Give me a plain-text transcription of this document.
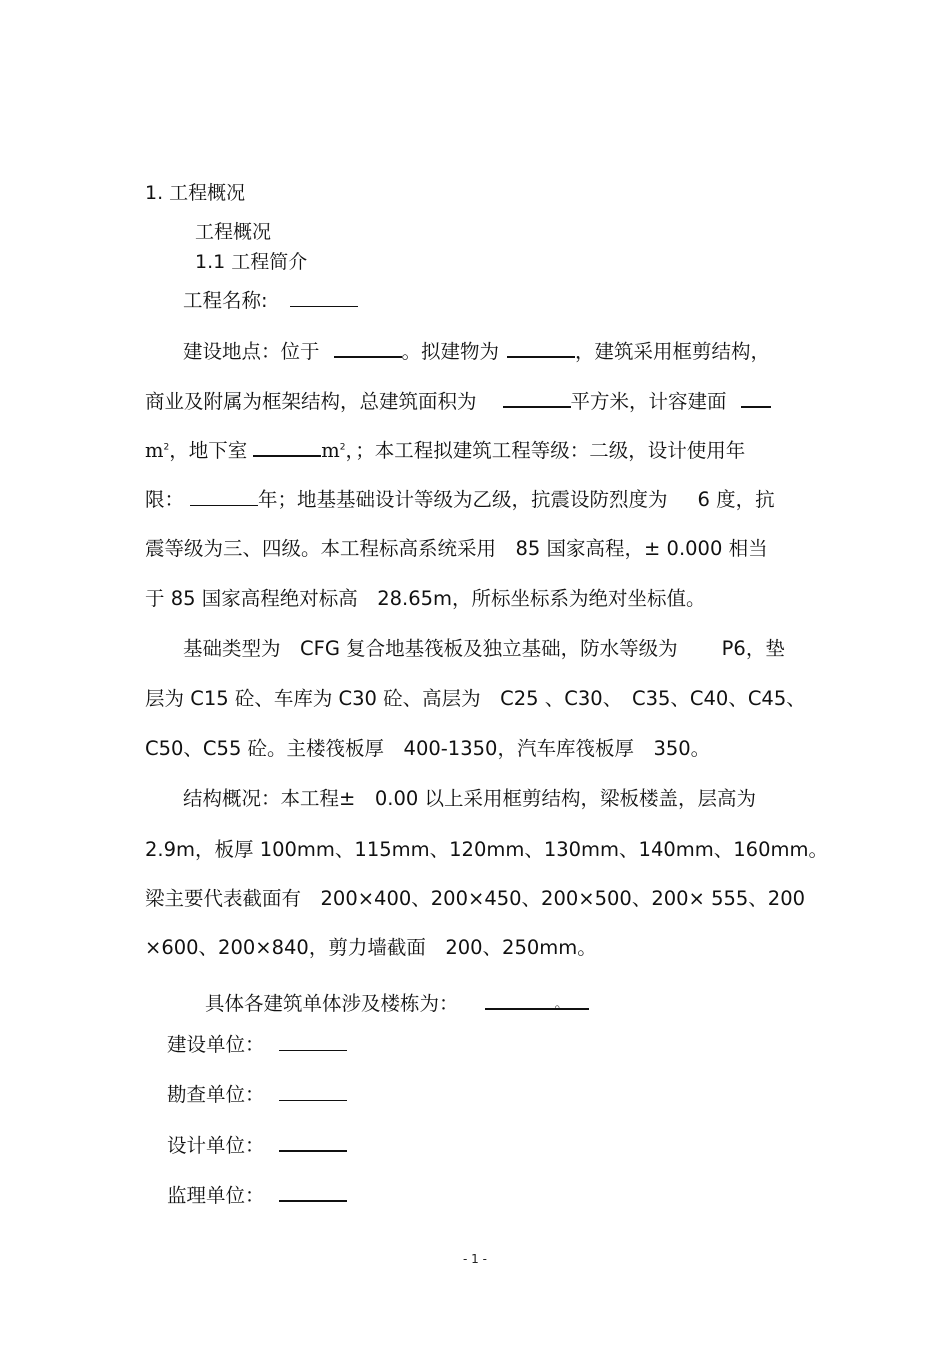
1. 工程概况
工程概况
1.1 工程简介
工程名称:
建设地点：位于	。拟建物为	，建筑采用框剪结构，
商业及附属为框架结构，总建筑面积为	平方米，计容建面
$m^2$，地下室	$m^2$，；本工程拟建筑工程等级：二级，设计使用年
限：	年；地基基础设计等级为乙级，抗震设防烈度为 6 度，抗
震等级为三、四级。本工程标高系统采用　85 国家高程，± 0.000 相当
于 85 国家高程绝对标高　28.65m，所标坐标系为绝对坐标值。
基础类型为　CFG 复合地基筏板及独立基础，防水等级为 P6，垫
层为 C15 砼、车库为 C30 砼、高层为　C25 、C30、　C35、C40、C45、
C50、C55 砼。主楼筏板厚　400-1350，汽车库筏板厚　350。
结构概况：本工程±　0.00 以上采用框剪结构，梁板楼盖，层高为
2.9m，板厚 100mm、115mm、120mm、130mm、140mm、160mm。
梁主要代表截面有　200×400、200×450、200×500、200× 555、200
×600、200×840，剪力墙截面　200、250mm。
具体各建筑单体涉及楼栋为：	。
建设单位：
勘查单位：
设计单位：
监理单位：
- 1 -
